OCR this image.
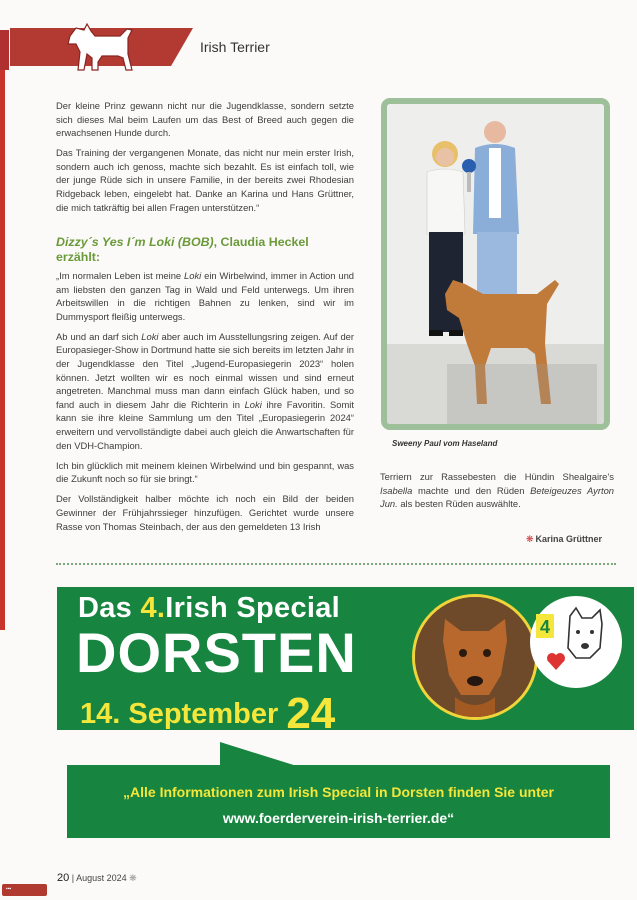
Irish Terrier

Der kleine Prinz gewann nicht nur die Jugendklasse, sondern setzte sich dieses Mal beim Laufen um das Best of Breed auch gegen die erwachsenen Hunde durch.

Das Training der vergangenen Monate, das nicht nur mein erster Irish, sondern auch ich genoss, machte sich bezahlt. Es ist einfach toll, wie der junge Rüde sich in unsere Familie, in der bereits zwei Rhodesian Ridgeback leben, eingelebt hat. Danke an Karina und Hans Grüttner, die mich tatkräftig bei allen Fragen unterstützen.“

Dizzy´s Yes I´m Loki (BOB), Claudia Heckel erzählt:

„Im normalen Leben ist meine Loki ein Wirbelwind, immer in Action und am liebsten den ganzen Tag in Wald und Feld unterwegs. Um ihren Arbeitswillen in die richtigen Bahnen zu lenken, sind wir im Dummysport fleißig unterwegs.

Ab und an darf sich Loki aber auch im Ausstellungsring zeigen. Auf der Europasieger-Show in Dortmund hatte sie sich bereits im letzten Jahr in der Jugendklasse den Titel „Jugend-Europasiegerin 2023“ holen können. Jetzt wollten wir es noch einmal wissen und sind erneut angetreten. Manchmal muss man dann einfach Glück haben, und so fand auch in diesem Jahr die Richterin in Loki ihre Favoritin. Somit kann sie ihre kleine Sammlung um den Titel „Europasiegerin 2024“ erweitern und vervollständigte dabei auch gleich die Anwartschaften für den VDH-Champion.

Ich bin glücklich mit meinem kleinen Wirbelwind und bin gespannt, was die Zukunft noch so für sie bringt.“

Der Vollständigkeit halber möchte ich noch ein Bild der beiden Gewinner der Frühjahrssieger hinzufügen. Gerichtet wurde unsere Rasse von Thomas Steinbach, der aus den gemeldeten 13 Irish

Sweeny Paul vom Haseland

Terriern zur Rassebesten die Hündin Shealgaire’s Isabella machte und den Rüden Beteigeuzes Ayrton Jun. als besten Rüden auswählte.

❋ Karina Grüttner
Das 4.Irish Special
DORSTEN
14. September 24
4
„Alle Informationen zum Irish Special in Dorsten finden Sie unter
www.foerderverein-irish-terrier.de“
20 | August 2024 ❋
▪▪▪
